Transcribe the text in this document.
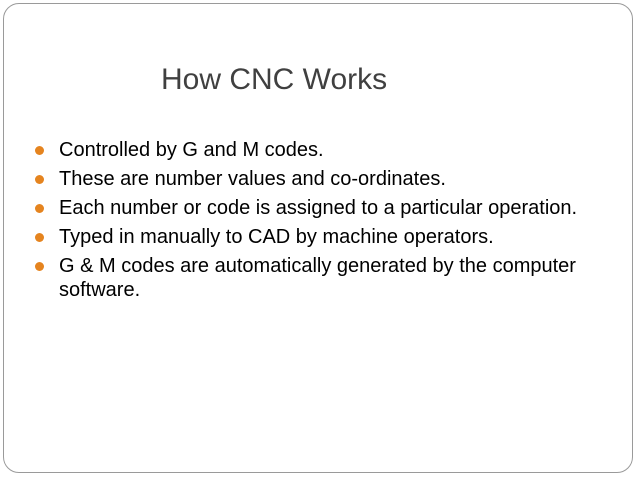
How CNC Works
Controlled by G and M codes.
These are number values and co-ordinates.
Each number or code is assigned to a particular operation.
Typed in manually to CAD by machine operators.
G & M codes are automatically generated by the computer software.
